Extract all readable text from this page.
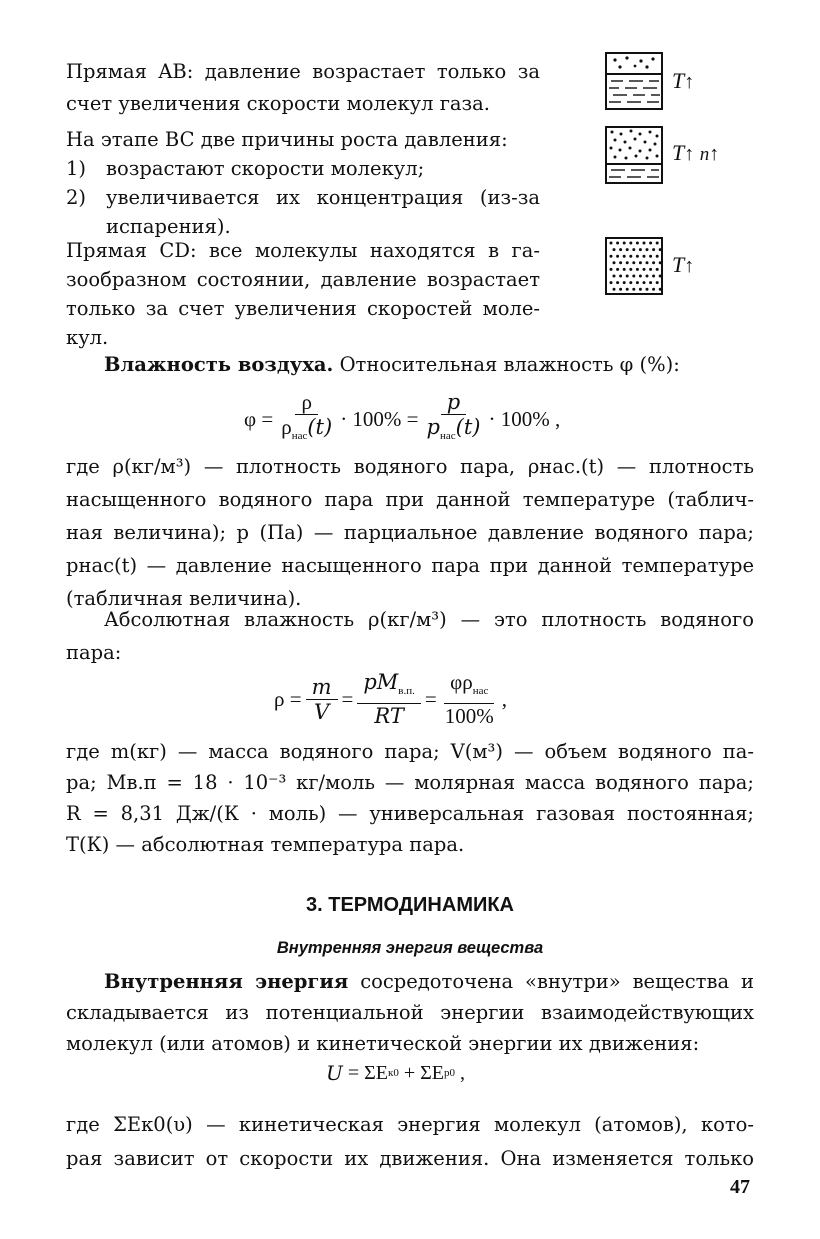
Прямая AB: давление возрастает только за
счет увеличения скорости молекул газа.

На этапе BC две причины роста давления:

1) возрастают скорости молекул;
2) увеличивается их концентрация (из-за испарения).

Прямая CD: все молекулы находятся в га-
зообразном состоянии, давление возрастает
только за счет увеличения скоростей моле-
кул.

T↑
T↑ n↑
T↑

Влажность воздуха. Относительная влажность φ (%):

$\varphi = \frac{\rho}{\rho_{нас}(t)} \cdot 100\% = \frac{p}{p_{нас}(t)} \cdot 100\%$ ,

где ρ(кг/м³) — плотность водяного пара, ρнас.(t) — плотность
насыщенного водяного пара при данной температуре (таблич-
ная величина); p (Па) — парциальное давление водяного пара;
pнас(t) — давление насыщенного пара при данной температуре
(табличная величина).

Абсолютная влажность ρ(кг/м³) — это плотность водяного
пара:

$\rho = \frac{m}{V} = \frac{pM_{в.п.}}{RT} = \frac{\varphi\rho_{нас}}{100\%}$ ,

где m(кг) — масса водяного пара; V(м³) — объем водяного па-
ра; Mв.п = 18 · 10⁻³ кг/моль — молярная масса водяного пара;
R = 8,31 Дж/(К · моль) — универсальная газовая постоянная;
T(К) — абсолютная температура пара.

3. ТЕРМОДИНАМИКА
Внутренняя энергия вещества

Внутренняя энергия сосредоточена «внутри» вещества и
складывается из потенциальной энергии взаимодействующих
молекул (или атомов) и кинетической энергии их движения:

U
= ΣE к0
+ ΣE p0
,

где ΣEк0(υ) — кинетическая энергия молекул (атомов), кото-
рая зависит от скорости их движения. Она изменяется только

47
